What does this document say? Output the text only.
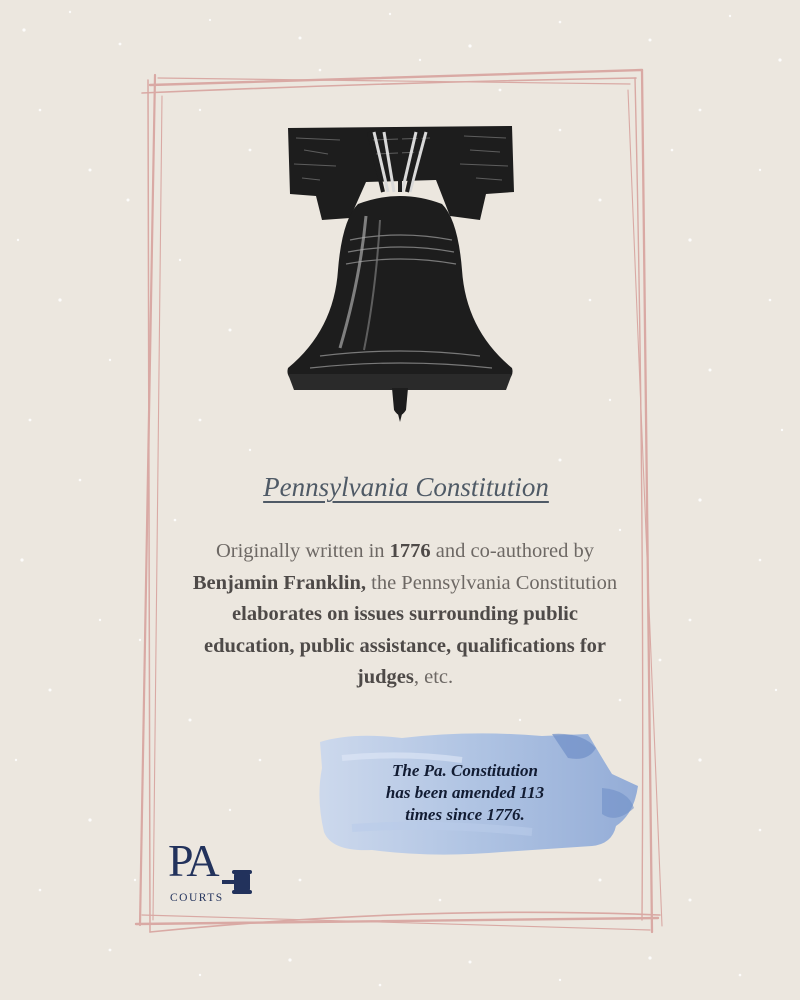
Pennsylvania Constitution
Originally written in 1776 and co-authored by Benjamin Franklin, the Pennsylvania Constitution elaborates on issues surrounding public education, public assistance, qualifications for judges, etc.
The Pa. Constitution
has been amended 113
times since 1776.
PA
COURTS
